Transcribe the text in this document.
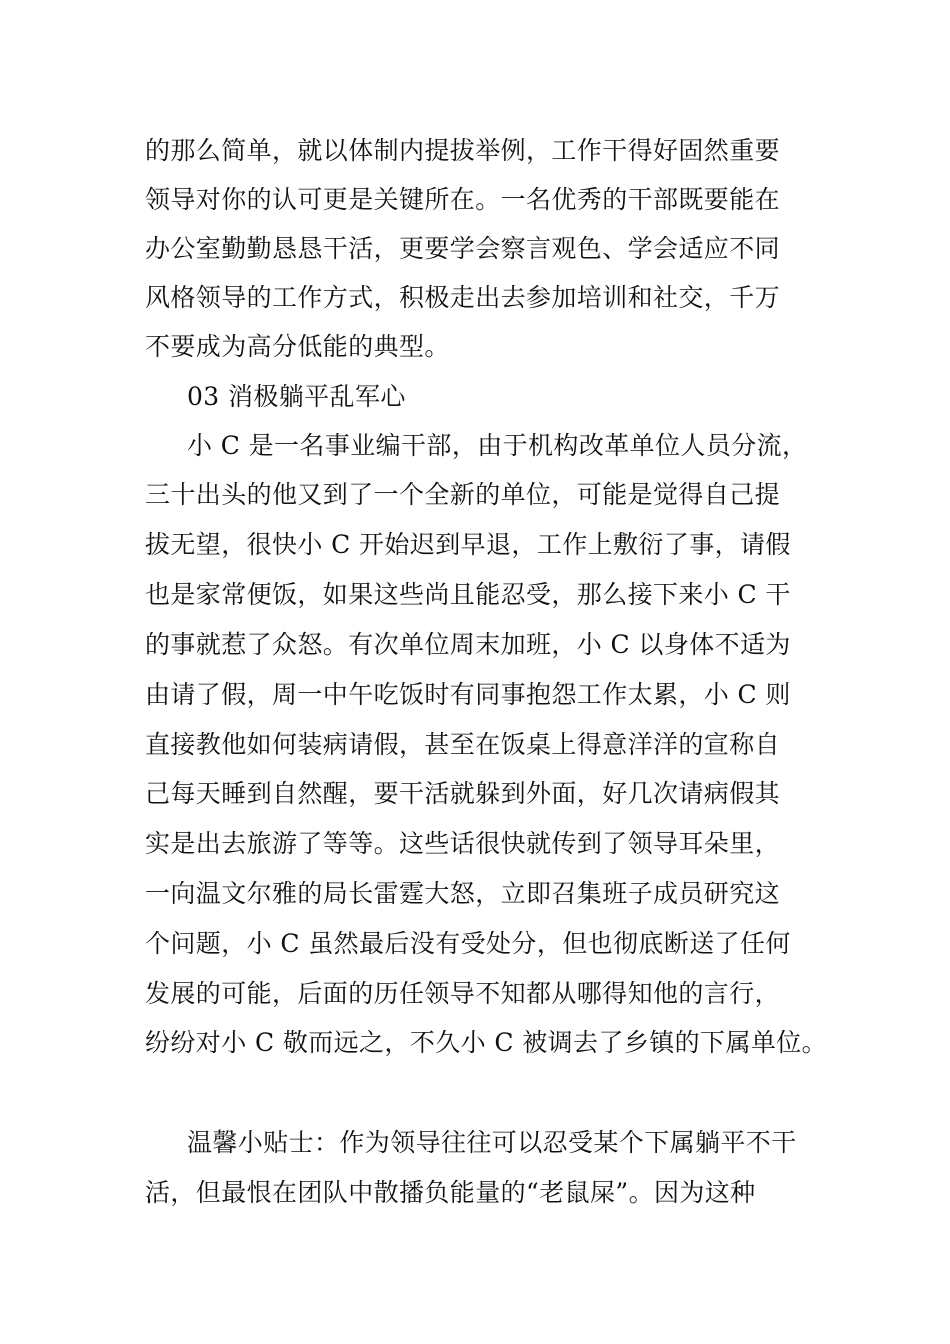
的那么简单，就以体制内提拔举例，工作干得好固然重要

领导对你的认可更是关键所在。一名优秀的干部既要能在

办公室勤勤恳恳干活，更要学会察言观色、学会适应不同

风格领导的工作方式，积极走出去参加培训和社交，千万

不要成为高分低能的典型。

03 消极躺平乱军心

小 C 是一名事业编干部，由于机构改革单位人员分流，

三十出头的他又到了一个全新的单位，可能是觉得自己提

拔无望，很快小 C 开始迟到早退，工作上敷衍了事，请假

也是家常便饭，如果这些尚且能忍受，那么接下来小 C 干

的事就惹了众怒。有次单位周末加班，小 C 以身体不适为

由请了假，周一中午吃饭时有同事抱怨工作太累，小 C 则

直接教他如何装病请假，甚至在饭桌上得意洋洋的宣称自

己每天睡到自然醒，要干活就躲到外面，好几次请病假其

实是出去旅游了等等。这些话很快就传到了领导耳朵里，

一向温文尔雅的局长雷霆大怒，立即召集班子成员研究这

个问题，小 C 虽然最后没有受处分，但也彻底断送了任何

发展的可能，后面的历任领导不知都从哪得知他的言行，

纷纷对小 C 敬而远之，不久小 C 被调去了乡镇的下属单位。

温馨小贴士：作为领导往往可以忍受某个下属躺平不干

活，但最恨在团队中散播负能量的“老鼠屎”。因为这种
